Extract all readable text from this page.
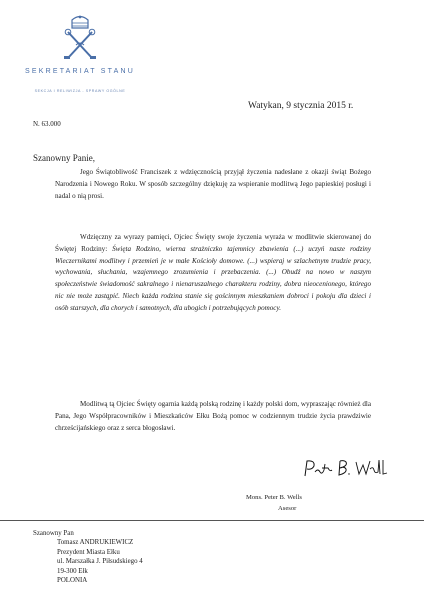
SEKRETARIAT STANU
SEKCJA I RELIWIZJA - SPRAWY OGÓLNE
Watykan, 9 stycznia 2015 r.
N. 63.000
Szanowny Panie,

Jego Świątobliwość Franciszek z wdzięcznością przyjął życzenia nadesłane z okazji świąt Bożego Narodzenia i Nowego Roku. W sposób szczególny dziękuję za wspieranie modlitwą Jego papieskiej posługi i nadal o nią prosi.

Wdzięczny za wyrazy pamięci, Ojciec Święty swoje życzenia wyraża w modlitwie skierowanej do Świętej Rodziny: Święta Rodzino, wierna strażniczko tajemnicy zbawienia (...) uczyń nasze rodziny Wieczernikami modlitwy i przemień je w małe Kościoły domowe. (...) wspieraj w szlachetnym trudzie pracy, wychowania, słuchania, wzajemnego zrozumienia i przebaczenia. (...) Obudź na nowo w naszym społeczeństwie świadomość sakralnego i nienaruszalnego charakteru rodziny, dobra nieocenionego, którego nic nie może zastąpić. Niech każda rodzina stanie się gościnnym mieszkaniem dobroci i pokoju dla dzieci i osób starszych, dla chorych i samotnych, dla ubogich i potrzebujących pomocy.

Modlitwą tą Ojciec Święty ogarnia każdą polską rodzinę i każdy polski dom, wypraszając również dla Pana, Jego Współpracowników i Mieszkańców Ełku Bożą pomoc w codziennym trudzie życia prawdziwie chrześcijańskiego oraz z serca błogosławi.

Mons. Peter B. Wells
Asesor
Szanowny Pan
Tomasz ANDRUKIEWICZ
Prezydent Miasta Ełku
ul. Marszałka J. Piłsudskiego 4
19-300 Ełk
POLONIA
